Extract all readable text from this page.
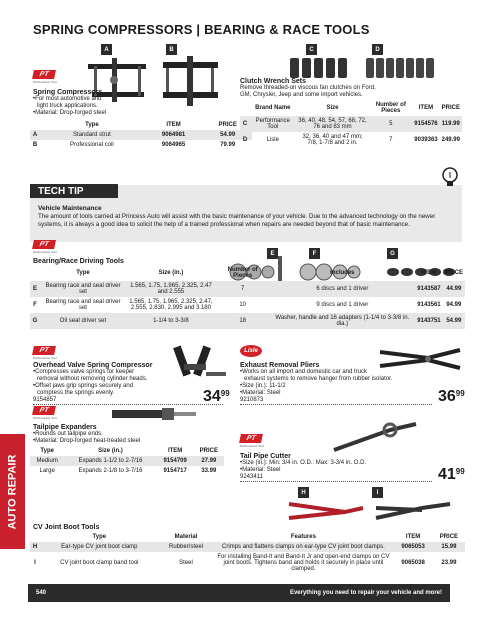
SPRING COMPRESSORS | BEARING & RACE TOOLS
A	B	C	D
PT
Performance Tool
Spring Compressors
•For most automotive and
light truck applications.
•Material: Drop-forged steel
	Type	ITEM	PRICE
A	Standard strut	9064981	54.99
B	Professional coil	9064965	79.99
Clutch Wrench Sets
Remove threaded-on viscous fan clutches on Ford,
GM, Chrysler, Jeep and some import vehicles.
	Brand Name	Size	Number of Pieces	ITEM	PRICE
C	Performance Tool	36, 40, 48, 54, 57, 68, 72, 76 and 83 mm	5	9154576	119.99
D	Lisle	32, 36, 40 and 47 mm; 7/8, 1-7/8 and 2 in.	7	9039363	249.99
TECH TIP
Vehicle Maintenance
The amount of tools carried at Princess Auto will assist with the basic maintenance of your vehicle. Due to the advanced technology on the newer systems, it is always a good idea to solicit the help of a trained professional when repairs are needed beyond that of basic maintenance.
E	F	G
PT
Performance Tool
Bearing/Race Driving Tools
	Type	Size (in.)	Number of Pieces	Includes	ITEM	PRICE
E	Bearing race and seal driver set	1.565, 1.75, 1.965, 2.325, 2.47 and 2.555	7	6 discs and 1 driver	9143587	44.99
F	Bearing race and seal driver set	1.565, 1.75, 1.965, 2.325, 2.47, 2.555, 2.830, 2.995 and 3.180	10	9 discs and 1 driver	9143561	94.99
G	Oil seal driver set	1-1/4 to 3-3/8	18	Washer, handle and 16 adapters (1-1/4 to 3-3/8 in. dia.)	9143751	54.99
PT
Performance Tool
Overhead Valve Spring Compressor
•Compresses valve springs for keeper
removal without removing cylinder heads.
•Offset jaws grip springs securely and
compress the springs evenly.
9154857	$34^{99}$
Lisle
Exhaust Removal Pliers
•Works on all import and domestic car and truck
exhaust systems to remove hanger from rubber isolator.
•Size (in.): 11-1/2
•Material: Steel
9210873	$36^{99}$
AUTO REPAIR
PT
Performance Tool
Tailpipe Expanders
•Rounds out tailpipe ends.
•Material: Drop-forged heat-treated steel
Type	Size (in.)	ITEM	PRICE
Medium	Expands 1-1/2 to 2-7/16	9154709	27.99
Large	Expands 2-1/8 to 3-7/16	9154717	33.99
PT
Performance Tool
Tail Pipe Cutter
•Size (in.): Min: 3/4 in. O.D.: Max: 3-3/4 in. O.D.
•Material: Steel
9243411	$41^{99}$
H	I
CV Joint Boot Tools
	Type	Material	Features	ITEM	PRICE
H	Ear-type CV joint boot clamp	Rubber/steel	Crimps and flattens clamps on ear-type CV joint boot clamps.	9065053	15.99
I	CV joint boot clamp band tool	Steel	For installing Band-It and Band-It Jr and open-end clamps on CV joint boots. Tightens band and holds it securely in place until clamped.	9065038	23.99
540	Everything you need to repair your vehicle and more!
